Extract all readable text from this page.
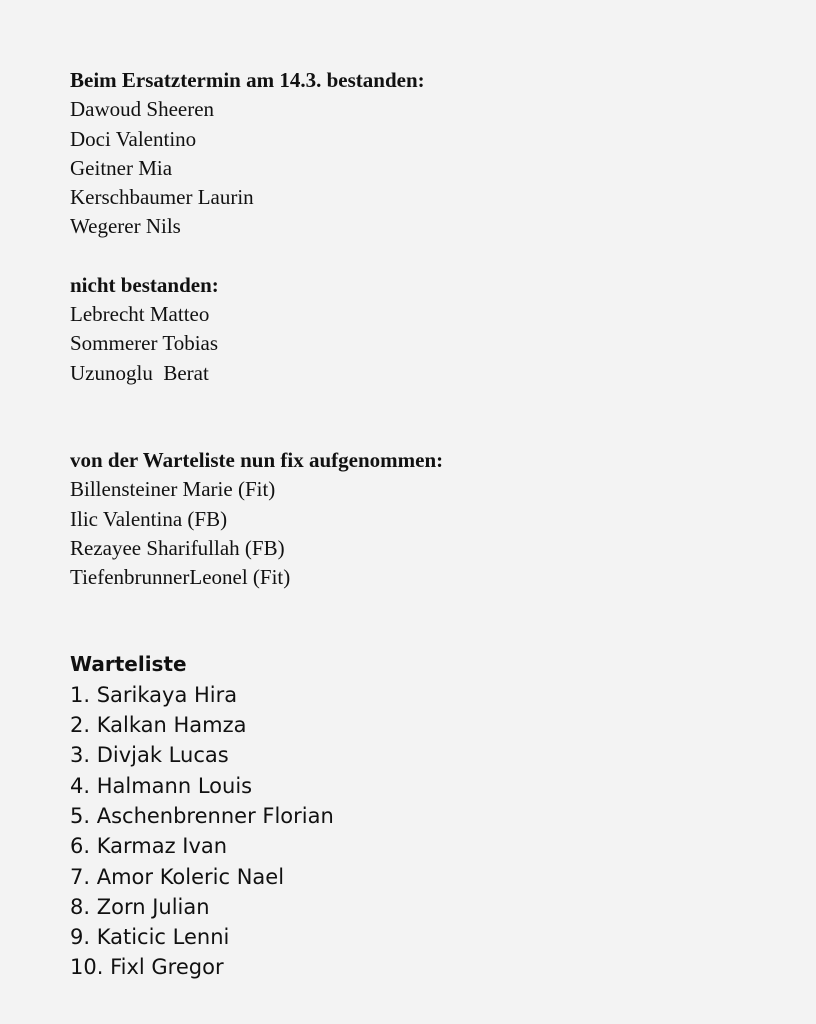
Beim Ersatztermin am 14.3. bestanden:
Dawoud Sheeren
Doci Valentino
Geitner Mia
Kerschbaumer Laurin
Wegerer Nils
nicht bestanden:
Lebrecht Matteo
Sommerer Tobias
Uzunoglu  Berat
von der Warteliste nun fix aufgenommen:
Billensteiner Marie (Fit)
Ilic Valentina (FB)
Rezayee Sharifullah (FB)
TiefenbrunnerLeonel (Fit)
Warteliste
1. Sarikaya Hira
2. Kalkan Hamza
3. Divjak Lucas
4. Halmann Louis
5. Aschenbrenner Florian
6. Karmaz Ivan
7. Amor Koleric Nael
8. Zorn Julian
9. Katicic Lenni
10. Fixl Gregor
